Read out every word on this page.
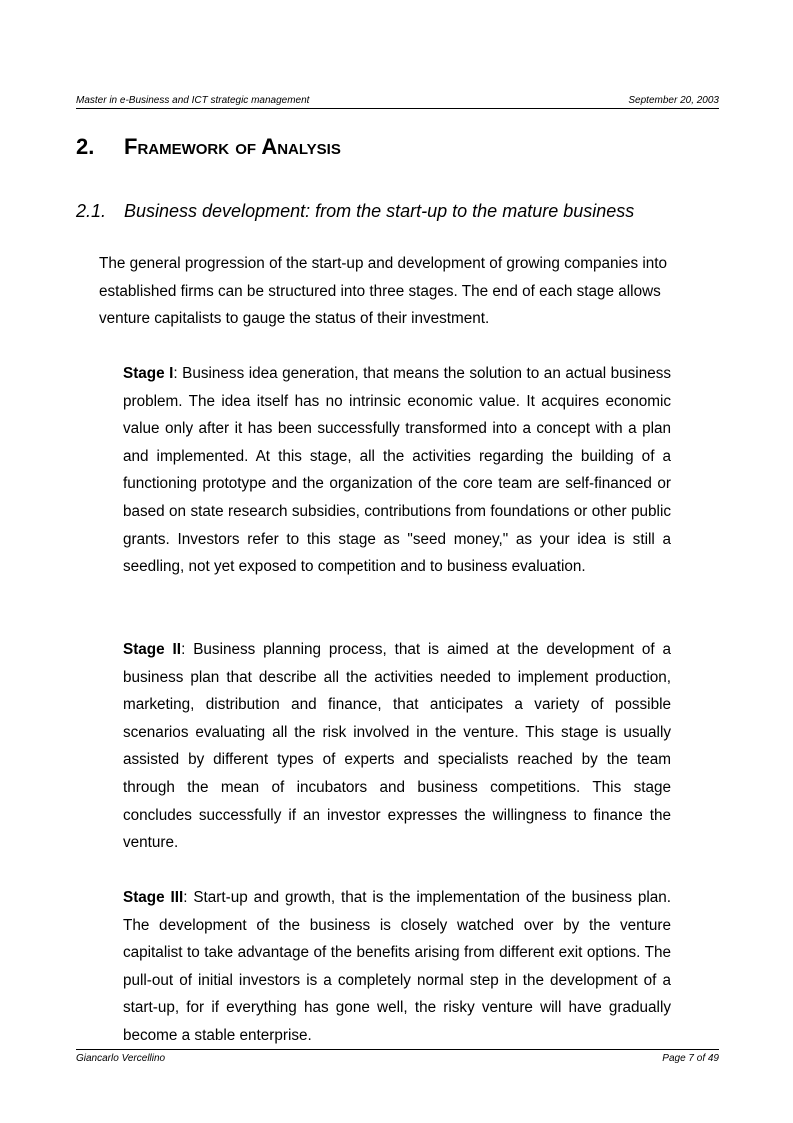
Master in e-Business and ICT strategic management	September 20, 2003
2. Framework of Analysis
2.1. Business development: from the start-up to the mature business

The general progression of the start-up and development of growing companies into established firms can be structured into three stages. The end of each stage allows venture capitalists to gauge the status of their investment.

Stage I: Business idea generation, that means the solution to an actual business problem. The idea itself has no intrinsic economic value. It acquires economic value only after it has been successfully transformed into a concept with a plan and implemented. At this stage, all the activities regarding the building of a functioning prototype and the organization of the core team are self-financed or based on state research subsidies, contributions from foundations or other public grants. Investors refer to this stage as "seed money," as your idea is still a seedling, not yet exposed to competition and to business evaluation.

Stage II: Business planning process, that is aimed at the development of a business plan that describe all the activities needed to implement production, marketing, distribution and finance, that anticipates a variety of possible scenarios evaluating all the risk involved in the venture. This stage is usually assisted by different types of experts and specialists reached by the team through the mean of incubators and business competitions. This stage concludes successfully if an investor expresses the willingness to finance the venture.

Stage III: Start-up and growth, that is the implementation of the business plan. The development of the business is closely watched over by the venture capitalist to take advantage of the benefits arising from different exit options. The pull-out of initial investors is a completely normal step in the development of a start-up, for if everything has gone well, the risky venture will have gradually become a stable enterprise.

Giancarlo Vercellino	Page 7 of 49
